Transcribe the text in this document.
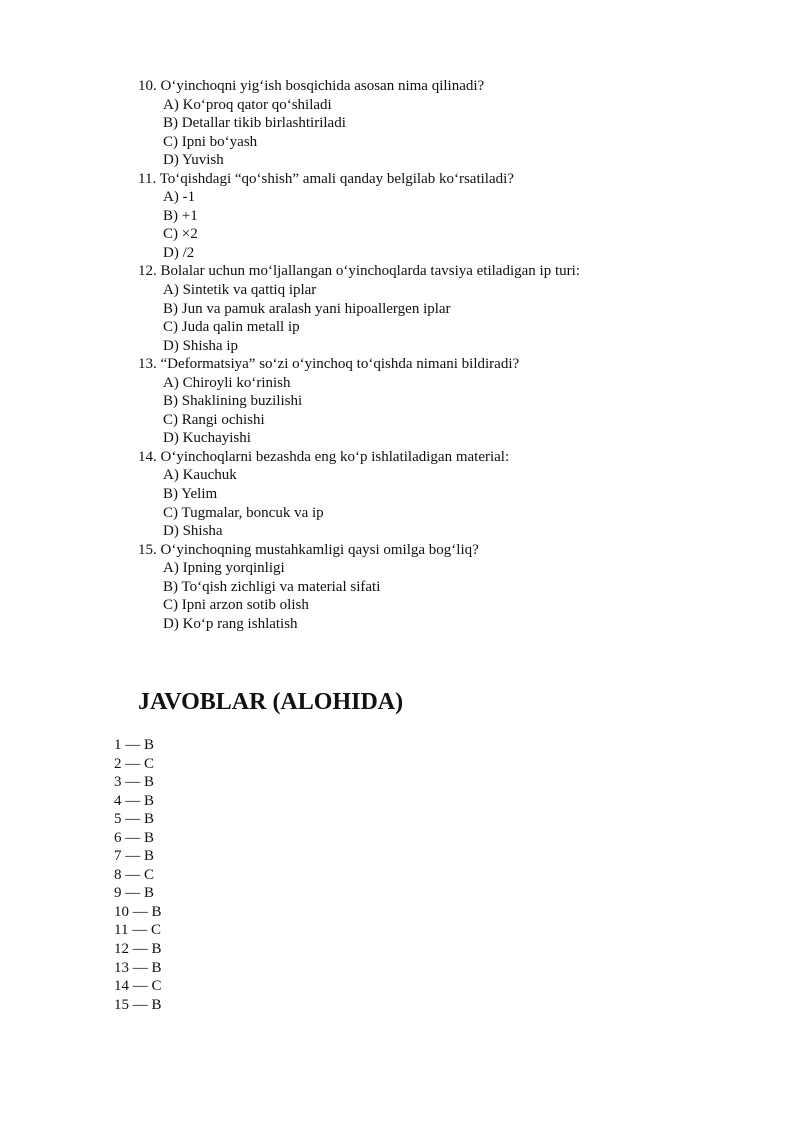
10. O‘yinchoqni yig‘ish bosqichida asosan nima qilinadi?
A) Ko‘proq qator qo‘shiladi
B) Detallar tikib birlashtiriladi
C) Ipni bo‘yash
D) Yuvish
11. To‘qishdagi “qo‘shish” amali qanday belgilab ko‘rsatiladi?
A) -1
B) +1
C) ×2
D) /2
12. Bolalar uchun mo‘ljallangan o‘yinchoqlarda tavsiya etiladigan ip turi:
A) Sintetik va qattiq iplar
B) Jun va pamuk aralash yani hipoallergen iplar
C) Juda qalin metall ip
D) Shisha ip
13. “Deformatsiya” so‘zi o‘yinchoq to‘qishda nimani bildiradi?
A) Chiroyli ko‘rinish
B) Shaklining buzilishi
C) Rangi ochishi
D) Kuchayishi
14. O‘yinchoqlarni bezashda eng ko‘p ishlatiladigan material:
A) Kauchuk
B) Yelim
C) Tugmalar, boncuk va ip
D) Shisha
15. O‘yinchoqning mustahkamligi qaysi omilga bog‘liq?
A) Ipning yorqinligi
B) To‘qish zichligi va material sifati
C) Ipni arzon sotib olish
D) Ko‘p rang ishlatish
JAVOBLAR (ALOHIDA)
1 — B
2 — C
3 — B
4 — B
5 — B
6 — B
7 — B
8 — C
9 — B
10 — B
11 — C
12 — B
13 — B
14 — C
15 — B
